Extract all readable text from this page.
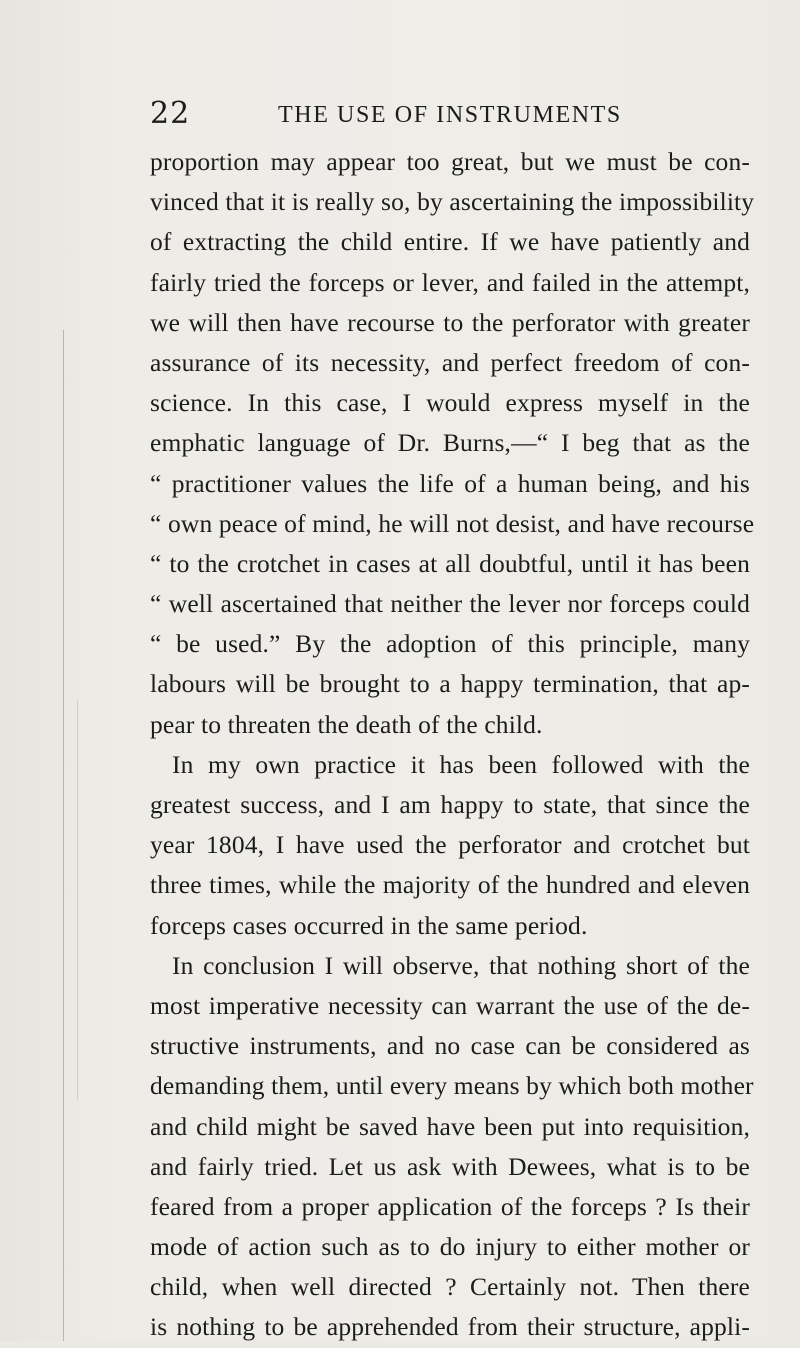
22	THE USE OF INSTRUMENTS
proportion may appear too great, but we must be con-
vinced that it is really so, by ascertaining the impossibility
of extracting the child entire. If we have patiently and
fairly tried the forceps or lever, and failed in the attempt,
we will then have recourse to the perforator with greater
assurance of its necessity, and perfect freedom of con-
science. In this case, I would express myself in the
emphatic language of Dr. Burns,—“ I beg that as the
“ practitioner values the life of a human being, and his
“ own peace of mind, he will not desist, and have recourse
“ to the crotchet in cases at all doubtful, until it has been
“ well ascertained that neither the lever nor forceps could
“ be used.” By the adoption of this principle, many
labours will be brought to a happy termination, that ap-
pear to threaten the death of the child.
In my own practice it has been followed with the
greatest success, and I am happy to state, that since the
year 1804, I have used the perforator and crotchet but
three times, while the majority of the hundred and eleven
forceps cases occurred in the same period.
In conclusion I will observe, that nothing short of the
most imperative necessity can warrant the use of the de-
structive instruments, and no case can be considered as
demanding them, until every means by which both mother
and child might be saved have been put into requisition,
and fairly tried. Let us ask with Dewees, what is to be
feared from a proper application of the forceps ? Is their
mode of action such as to do injury to either mother or
child, when well directed ? Certainly not. Then there
is nothing to be apprehended from their structure, appli-
